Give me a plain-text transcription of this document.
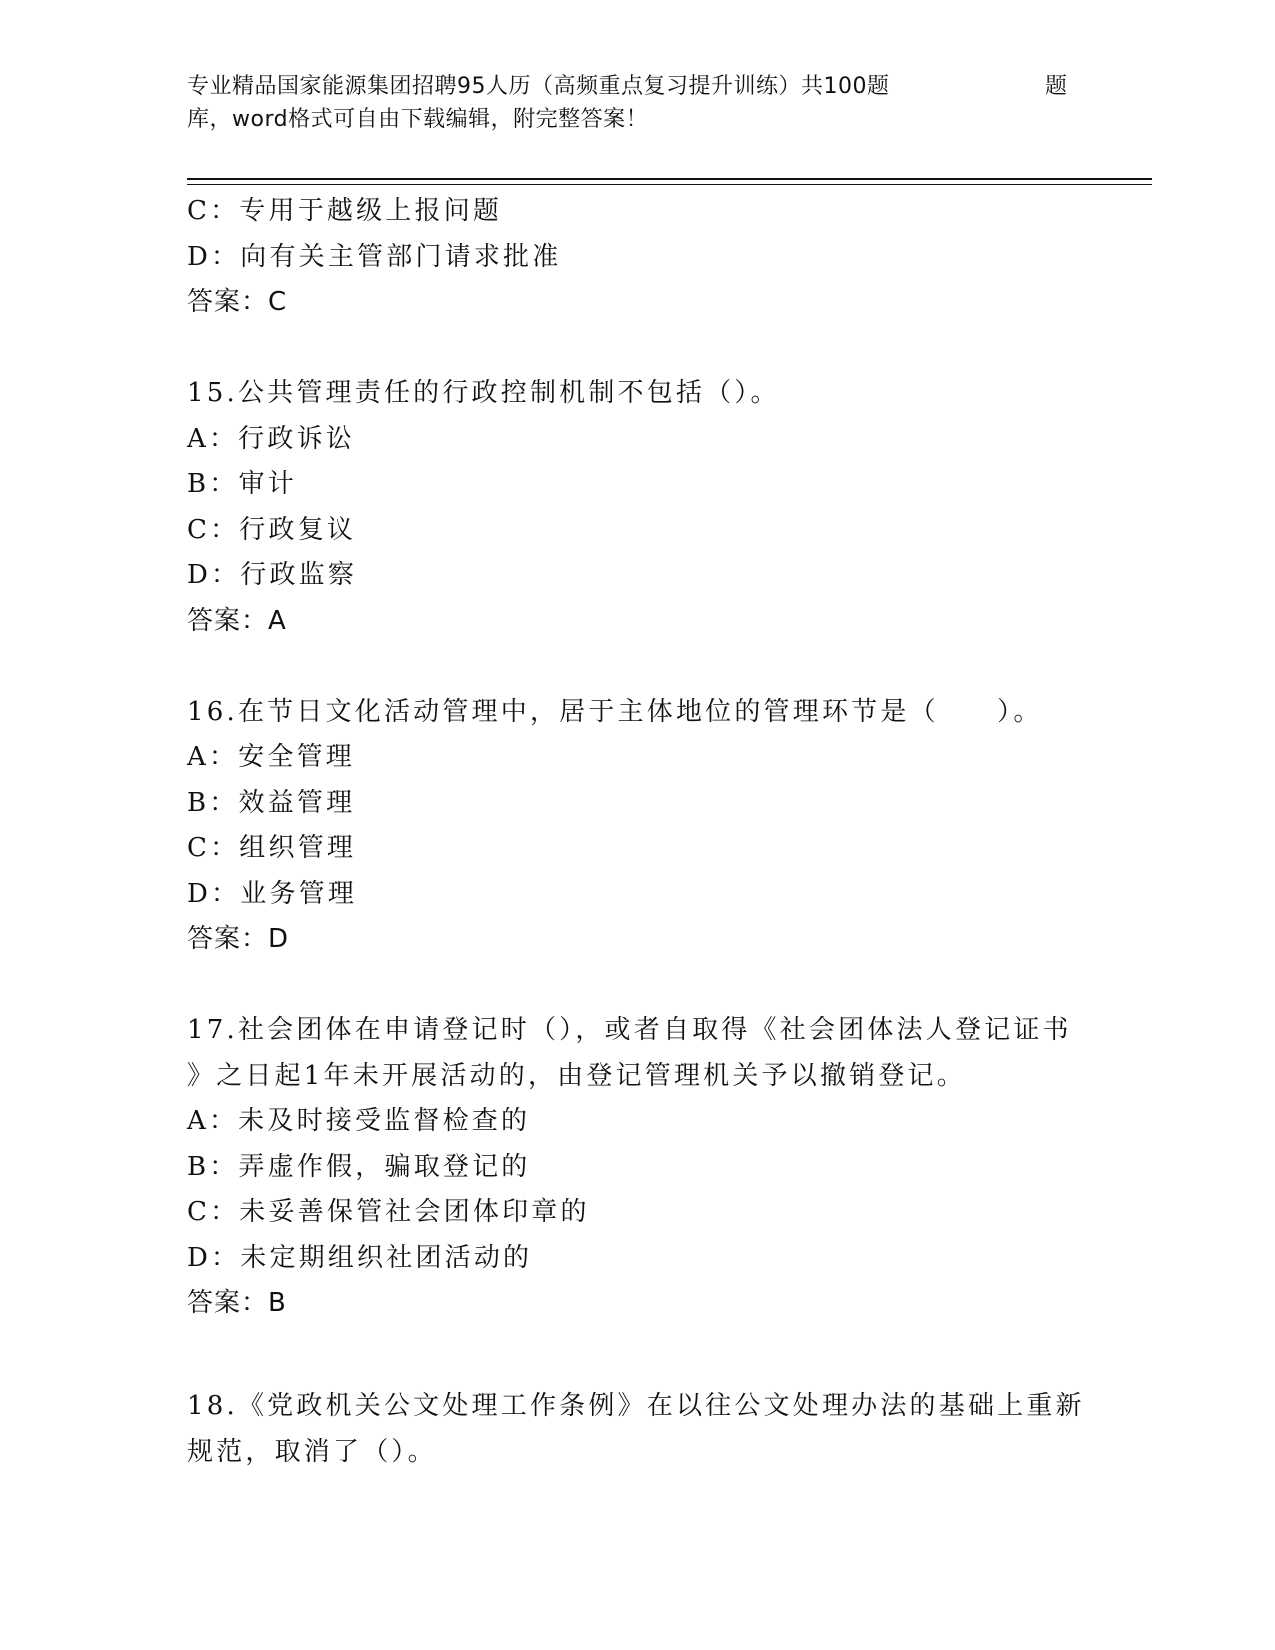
专业精品国家能源集团招聘95人历（高频重点复习提升训练）共100题	题
库，word格式可自由下载编辑，附完整答案！
C：专用于越级上报问题
D：向有关主管部门请求批准
答案：C
15.公共管理责任的行政控制机制不包括（）。
A：行政诉讼
B：审计
C：行政复议
D：行政监察
答案：A
16.在节日文化活动管理中，居于主体地位的管理环节是（　　）。
A：安全管理
B：效益管理
C：组织管理
D：业务管理
答案：D
17.社会团体在申请登记时（），或者自取得《社会团体法人登记证书
》之日起1年未开展活动的，由登记管理机关予以撤销登记。
A：未及时接受监督检查的
B：弄虚作假，骗取登记的
C：未妥善保管社会团体印章的
D：未定期组织社团活动的
答案：B
18.《党政机关公文处理工作条例》在以往公文处理办法的基础上重新
规范，取消了（）。
